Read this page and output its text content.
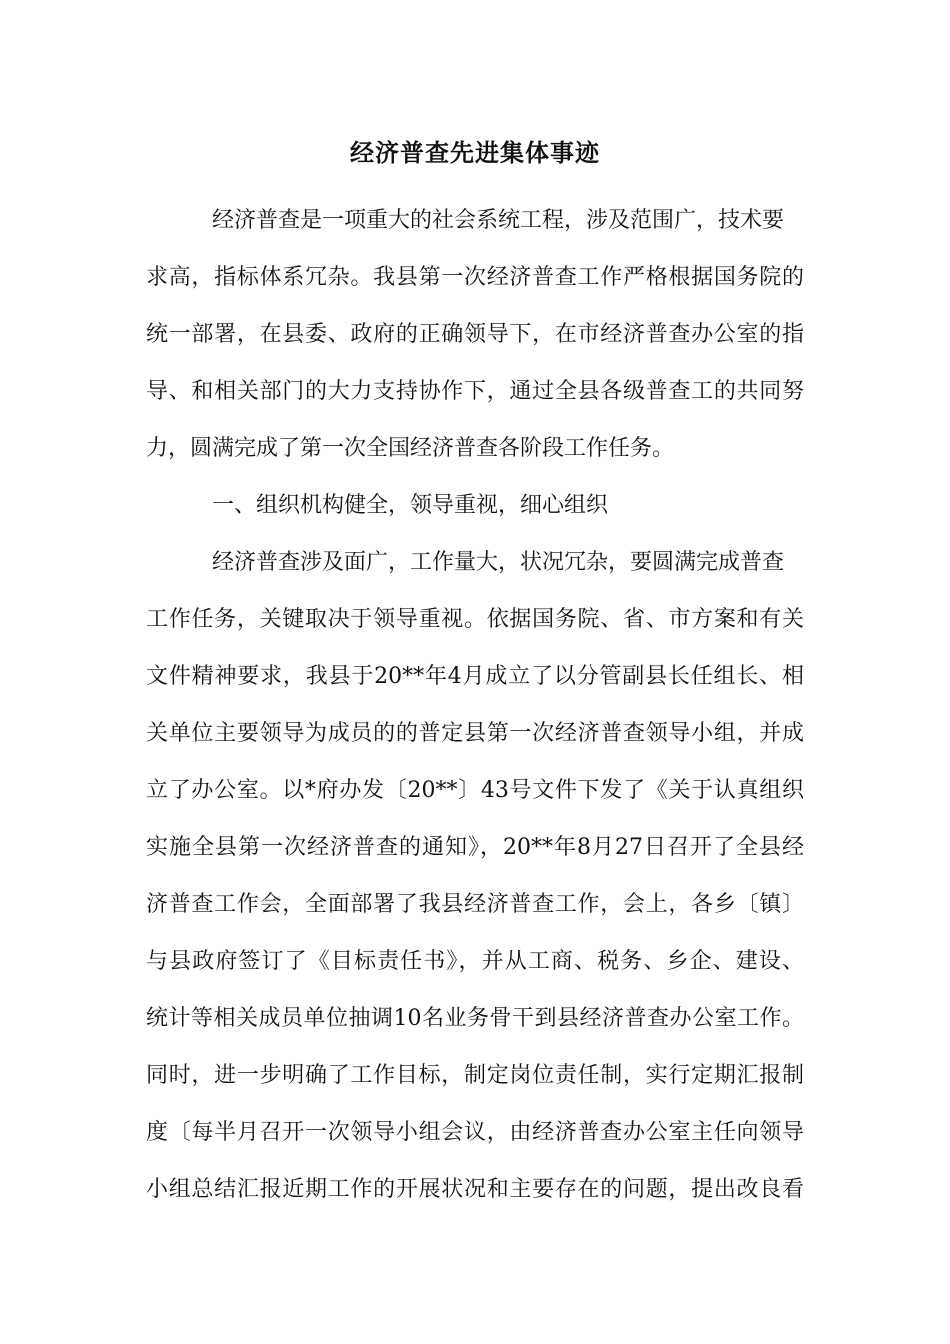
经济普查先进集体事迹
经济普查是一项重大的社会系统工程，涉及范围广，技术要
求高，指标体系冗杂。我县第一次经济普查工作严格根据国务院的
统一部署，在县委、政府的正确领导下，在市经济普查办公室的指
导、和相关部门的大力支持协作下，通过全县各级普查工的共同努
力，圆满完成了第一次全国经济普查各阶段工作任务。
一、组织机构健全，领导重视，细心组织
经济普查涉及面广，工作量大，状况冗杂，要圆满完成普查
工作任务，关键取决于领导重视。依据国务院、省、市方案和有关
文件精神要求，我县于20**年4月成立了以分管副县长任组长、相
关单位主要领导为成员的的普定县第一次经济普查领导小组，并成
立了办公室。以*府办发〔20**〕43号文件下发了《关于认真组织
实施全县第一次经济普查的通知》，20**年8月27日召开了全县经
济普查工作会，全面部署了我县经济普查工作，会上，各乡〔镇〕
与县政府签订了《目标责任书》，并从工商、税务、乡企、建设、
统计等相关成员单位抽调10名业务骨干到县经济普查办公室工作。
同时，进一步明确了工作目标，制定岗位责任制，实行定期汇报制
度〔每半月召开一次领导小组会议，由经济普查办公室主任向领导
小组总结汇报近期工作的开展状况和主要存在的问题，提出改良看
